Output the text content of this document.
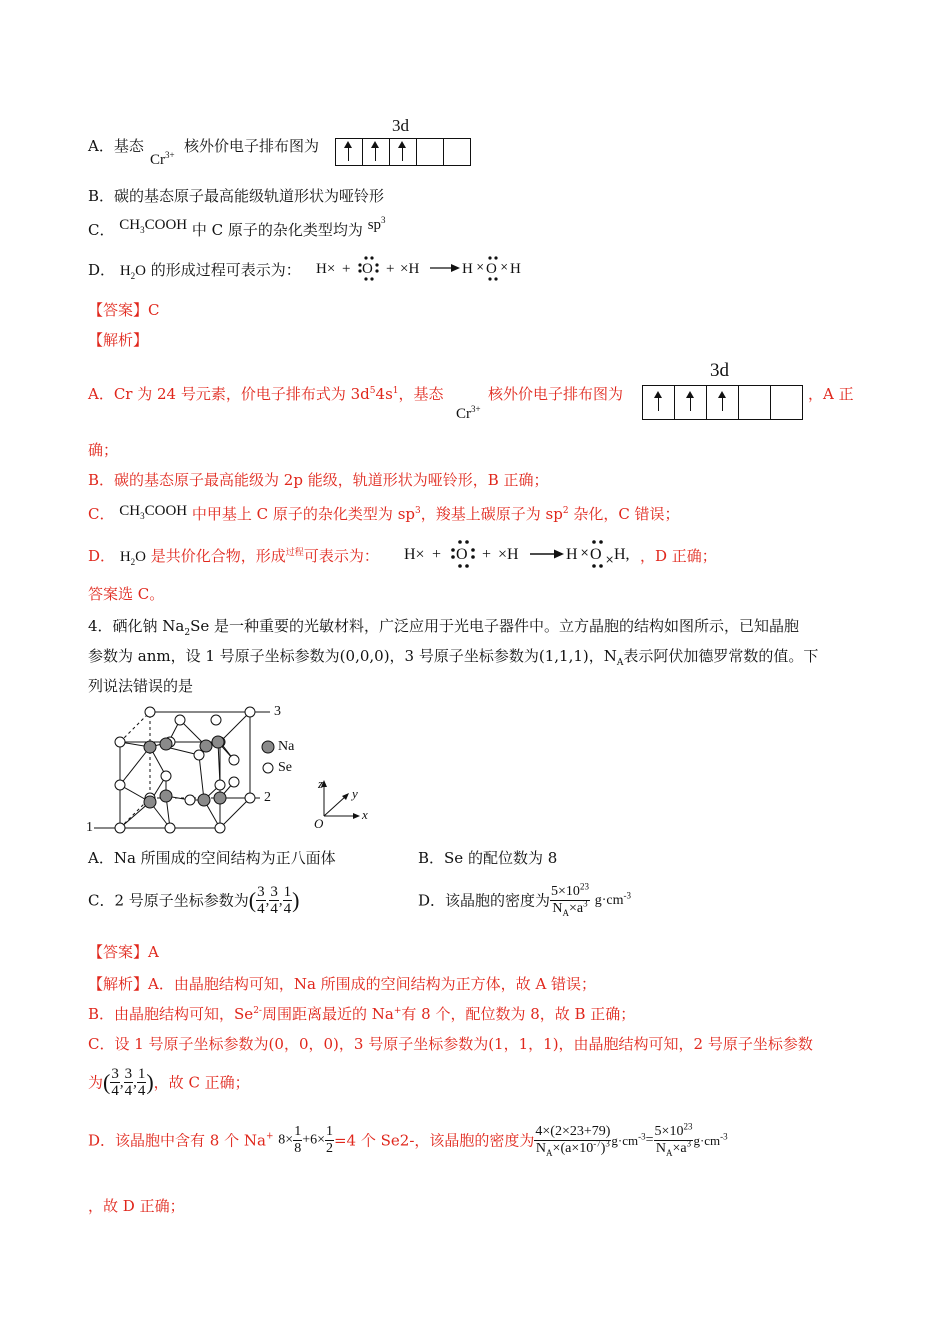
A．基态
$Cr^{3+}$ 核外价电子排布图为
3d
B．碳的基态原子最高能级轨道形状为哑铃形
C． $CH_3COOH$ 中 C 原子的杂化类型均为 $sp^3$
D． $H_2O$ 的形成过程可表示为： H× + O + ×H	H O H
× ×
【答案】C
【解析】
A．Cr 为 24 号元素，价电子排布式为 $3d^54s^1$，基态
$Cr^{3+}$
核外价电子排布图为
3d
，A 正
确；
B．碳的基态原子最高能级为 2p 能级，轨道形状为哑铃形，B 正确；
C． $CH_3COOH$ 中甲基上 C 原子的杂化类型为 $sp^3$，羧基上碳原子为 $sp^2$ 杂化，C 错误；
D． $H_2O$ 是共价化合物，形成$^{过程}$可表示为： H× + O + ×H	H O H,
×
× ，D 正确；
答案选 C。
4．硒化钠 $Na_2Se$ 是一种重要的光敏材料，广泛应用于光电子器件中。立方晶胞的结构如图所示，已知晶胞
参数为 anm，设 1 号原子坐标参数为(0,0,0)，3 号原子坐标参数为(1,1,1)，$N_A$表示阿伏加德罗常数的值。下
列说法错误的是
Na
Se
3
2
1
z
y
x
O
A．Na 所围成的空间结构为正八面体	B．Se 的配位数为 8
C．2 号原子坐标参数为( $\frac{3}{4}$ , $\frac{3}{4}$ , $\frac{1}{4}$ )	D．该晶胞的密度为 $\frac{5\times 10^{23}}{N_A\times a^3} g\cdot cm^{-3}$
【答案】A
【解析】A．由晶胞结构可知，Na 所围成的空间结构为正方体，故 A 错误；
B．由晶胞结构可知，$Se^{2-}$周围距离最近的 Na+有 8 个，配位数为 8，故 B 正确；
C．设 1 号原子坐标参数为(0，0，0)，3 号原子坐标参数为(1，1，1)，由晶胞结构可知，2 号原子坐标参数
为( $\frac{3}{4}$ , $\frac{3}{4}$ , $\frac{1}{4}$ )，故 C 正确；
D．该晶胞中含有 8 个 Na+ $8\times \frac{1}{8} +6\times \frac{1}{2} =4$ 个 Se2-，该晶胞的密度为 $\frac{4\times(2\times 23+79)}{N_A\times(a\times 10^{-7})^3} g\cdot cm^{-3}= \frac{5\times 10^{23}}{N_A\times a^3} g\cdot cm^{-3}$
，故 D 正确；
